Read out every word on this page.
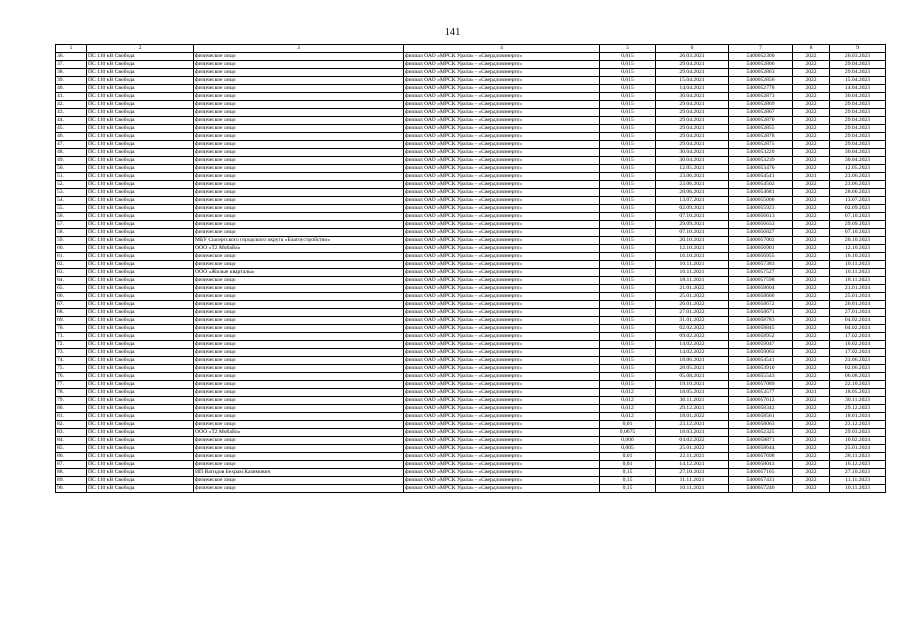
141
1	2	3	4	5	6	7	8	9
36.	ПС 110 кВ Свобода	физическое лицо	филиал ОАО «МРСК Урала» - «Свердловэнерго»	0,015	26.03.2021	5400052360	2022	26.03.2023
37.	ПС 110 кВ Свобода	физическое лицо	филиал ОАО «МРСК Урала» - «Свердловэнерго»	0,015	29.04.2021	5400052806	2022	29.04.2023
38.	ПС 110 кВ Свобода	физическое лицо	филиал ОАО «МРСК Урала» - «Свердловэнерго»	0,015	29.04.2021	5400052863	2022	29.04.2023
39.	ПС 110 кВ Свобода	физическое лицо	филиал ОАО «МРСК Урала» - «Свердловэнерго»	0,015	15.04.2021	5400052856	2022	15.04.2023
40.	ПС 110 кВ Свобода	физическое лицо	филиал ОАО «МРСК Урала» - «Свердловэнерго»	0,015	14.04.2021	5400052778	2022	14.04.2023
41.	ПС 110 кВ Свобода	физическое лицо	филиал ОАО «МРСК Урала» - «Свердловэнерго»	0,015	30.04.2021	5400052873	2022	30.04.2023
42.	ПС 110 кВ Свобода	физическое лицо	филиал ОАО «МРСК Урала» - «Свердловэнерго»	0,015	29.04.2021	5400052869	2022	29.04.2023
43.	ПС 110 кВ Свобода	физическое лицо	филиал ОАО «МРСК Урала» - «Свердловэнерго»	0,015	29.04.2021	5400052867	2022	29.04.2023
44.	ПС 110 кВ Свобода	физическое лицо	филиал ОАО «МРСК Урала» - «Свердловэнерго»	0,015	29.04.2021	5400052870	2022	29.04.2023
45.	ПС 110 кВ Свобода	физическое лицо	филиал ОАО «МРСК Урала» - «Свердловэнерго»	0,015	29.04.2021	5400052855	2022	29.04.2023
46.	ПС 110 кВ Свобода	физическое лицо	филиал ОАО «МРСК Урала» - «Свердловэнерго»	0,015	29.04.2021	5400052878	2022	29.04.2023
47.	ПС 110 кВ Свобода	физическое лицо	филиал ОАО «МРСК Урала» - «Свердловэнерго»	0,015	29.04.2021	5400052875	2022	29.04.2023
48.	ПС 110 кВ Свобода	физическое лицо	филиал ОАО «МРСК Урала» - «Свердловэнерго»	0,015	30.04.2021	5400053220	2022	30.04.2023
49.	ПС 110 кВ Свобода	физическое лицо	филиал ОАО «МРСК Урала» - «Свердловэнерго»	0,015	30.04.2021	5400053239	2022	30.04.2023
50.	ПС 110 кВ Свобода	физическое лицо	филиал ОАО «МРСК Урала» - «Свердловэнерго»	0,015	12.05.2021	5400053476	2022	12.05.2023
51.	ПС 110 кВ Свобода	физическое лицо	филиал ОАО «МРСК Урала» - «Свердловэнерго»	0,015	23.06.2021	5400054541	2021	23.06.2023
52.	ПС 110 кВ Свобода	физическое лицо	филиал ОАО «МРСК Урала» - «Свердловэнерго»	0,015	23.06.2021	5400054502	2022	23.06.2023
53.	ПС 110 кВ Свобода	физическое лицо	филиал ОАО «МРСК Урала» - «Свердловэнерго»	0,015	28.06.2021	5400054681	2022	28.06.2023
54.	ПС 110 кВ Свобода	физическое лицо	филиал ОАО «МРСК Урала» - «Свердловэнерго»	0,015	13.07.2021	5400055006	2022	13.07.2023
55.	ПС 110 кВ Свобода	физическое лицо	филиал ОАО «МРСК Урала» - «Свердловэнерго»	0,015	02.09.2021	5400055923	2022	02.09.2023
56.	ПС 110 кВ Свобода	физическое лицо	филиал ОАО «МРСК Урала» - «Свердловэнерго»	0,015	07.10.2021	5400056613	2022	07.10.2023
57.	ПС 110 кВ Свобода	физическое лицо	филиал ОАО «МРСК Урала» - «Свердловэнерго»	0,015	29.09.2021	5400056633	2022	29.09.2023
58.	ПС 110 кВ Свобода	физическое лицо	филиал ОАО «МРСК Урала» - «Свердловэнерго»	0,015	07.10.2021	5400056827	2022	07.10.2023
59.	ПС 110 кВ Свобода	МБУ Сысертского городского округа «Благоустройство»	филиал ОАО «МРСК Урала» - «Свердловэнерго»	0,015	20.10.2021	5400057002	2022	20.10.2023
60.	ПС 110 кВ Свобода	ООО «Т2 Мобайл»	филиал ОАО «МРСК Урала» - «Свердловэнерго»	0,015	12.10.2021	5400056901	2022	12.10.2023
61.	ПС 110 кВ Свобода	физическое лицо	филиал ОАО «МРСК Урала» - «Свердловэнерго»	0,015	16.10.2021	5400056955	2022	16.10.2023
62.	ПС 110 кВ Свобода	физическое лицо	филиал ОАО «МРСК Урала» - «Свердловэнерго»	0,015	10.11.2021	5400057383	2022	10.11.2023
63.	ПС 110 кВ Свобода	ООО «Жилые кварталы»	филиал ОАО «МРСК Урала» - «Свердловэнерго»	0,015	16.11.2021	5400057527	2022	16.11.2023
64.	ПС 110 кВ Свобода	физическое лицо	филиал ОАО «МРСК Урала» - «Свердловэнерго»	0,015	18.11.2021	5400057598	2022	18.11.2023
65.	ПС 110 кВ Свобода	физическое лицо	филиал ОАО «МРСК Урала» - «Свердловэнерго»	0,015	21.01.2022	5400058604	2022	21.01.2024
66.	ПС 110 кВ Свобода	физическое лицо	филиал ОАО «МРСК Урала» - «Свердловэнерго»	0,015	25.01.2022	5400058666	2022	25.01.2024
67.	ПС 110 кВ Свобода	физическое лицо	филиал ОАО «МРСК Урала» - «Свердловэнерго»	0,015	26.01.2022	5400058672	2022	26.01.2024
68.	ПС 110 кВ Свобода	физическое лицо	филиал ОАО «МРСК Урала» - «Свердловэнерго»	0,015	27.01.2022	5400058671	2022	27.01.2024
69.	ПС 110 кВ Свобода	физическое лицо	филиал ОАО «МРСК Урала» - «Свердловэнерго»	0,015	31.01.2022	5400058783	2022	04.02.2024
70.	ПС 110 кВ Свобода	физическое лицо	филиал ОАО «МРСК Урала» - «Свердловэнерго»	0,015	02.02.2022	5400058845	2022	04.02.2024
71.	ПС 110 кВ Свобода	физическое лицо	филиал ОАО «МРСК Урала» - «Свердловэнерго»	0,015	09.02.2022	5400058952	2022	17.02.2024
72.	ПС 110 кВ Свобода	физическое лицо	филиал ОАО «МРСК Урала» - «Свердловэнерго»	0,015	14.02.2022	5400059047	2022	16.02.2024
73.	ПС 110 кВ Свобода	физическое лицо	филиал ОАО «МРСК Урала» - «Свердловэнерго»	0,015	14.02.2022	5400059063	2022	17.02.2024
74.	ПС 110 кВ Свобода	физическое лицо	филиал ОАО «МРСК Урала» - «Свердловэнерго»	0,015	18.06.2021	5400054541	2022	23.06.2023
75.	ПС 110 кВ Свобода	физическое лицо	филиал ОАО «МРСК Урала» - «Свердловэнерго»	0,015	28.05.2021	5400053910	2022	02.06.2023
76.	ПС 110 кВ Свобода	физическое лицо	филиал ОАО «МРСК Урала» - «Свердловэнерго»	0,015	05.08.2021	5400055543	2022	06.08.2023
77.	ПС 110 кВ Свобода	физическое лицо	филиал ОАО «МРСК Урала» - «Свердловэнерго»	0,015	19.10.2021	5400057089	2022	22.10.2023
78.	ПС 110 кВ Свобода	физическое лицо	филиал ОАО «МРСК Урала» - «Свердловэнерго»	0,012	18.05.2021	5400053577	2021	18.05.2023
79.	ПС 110 кВ Свобода	физическое лицо	филиал ОАО «МРСК Урала» - «Свердловэнерго»	0,012	30.11.2021	5400057612	2022	30.11.2023
80.	ПС 110 кВ Свобода	физическое лицо	филиал ОАО «МРСК Урала» - «Свердловэнерго»	0,012	29.12.2021	5400058342	2022	29.12.2023
81.	ПС 110 кВ Свобода	физическое лицо	филиал ОАО «МРСК Урала» - «Свердловэнерго»	0,012	18.01.2022	5400058561	2022	18.01.2024
82.	ПС 110 кВ Свобода	физическое лицо	филиал ОАО «МРСК Урала» - «Свердловэнерго»	0,01	23.12.2021	5400058063	2022	23.12.2023
83.	ПС 110 кВ Свобода	ООО «Т2 Мобайл»	филиал ОАО «МРСК Урала» - «Свердловэнерго»	0,0075	18.03.2021	5400052325	2022	29.03.2023
84.	ПС 110 кВ Свобода	физическое лицо	филиал ОАО «МРСК Урала» - «Свердловэнерго»	0,006	04.02.2022	5400058871	2022	10.02.2024
85.	ПС 110 кВ Свобода	физическое лицо	филиал ОАО «МРСК Урала» - «Свердловэнерго»	0,005	25.01.2022	5400058644	2022	25.01.2024
86.	ПС 110 кВ Свобода	физическое лицо	филиал ОАО «МРСК Урала» - «Свердловэнерго»	0,01	22.11.2021	5400057698	2022	28.11.2023
87.	ПС 110 кВ Свобода	физическое лицо	филиал ОАО «МРСК Урала» - «Свердловэнерго»	0,01	14.12.2021	5400058043	2022	16.12.2023
88.	ПС 110 кВ Свобода	ИП Вагидов Бехрам Казимович	филиал ОАО «МРСК Урала» - «Свердловэнерго»	0,15	27.10.2021	5400057165	2022	27.10.2023
89.	ПС 110 кВ Свобода	физическое лицо	филиал ОАО «МРСК Урала» - «Свердловэнерго»	0,15	11.11.2021	5400057431	2022	11.11.2023
90.	ПС 110 кВ Свобода	физическое лицо	филиал ОАО «МРСК Урала» - «Свердловэнерго»	0,15	10.11.2021	5400057240	2022	10.11.2023
